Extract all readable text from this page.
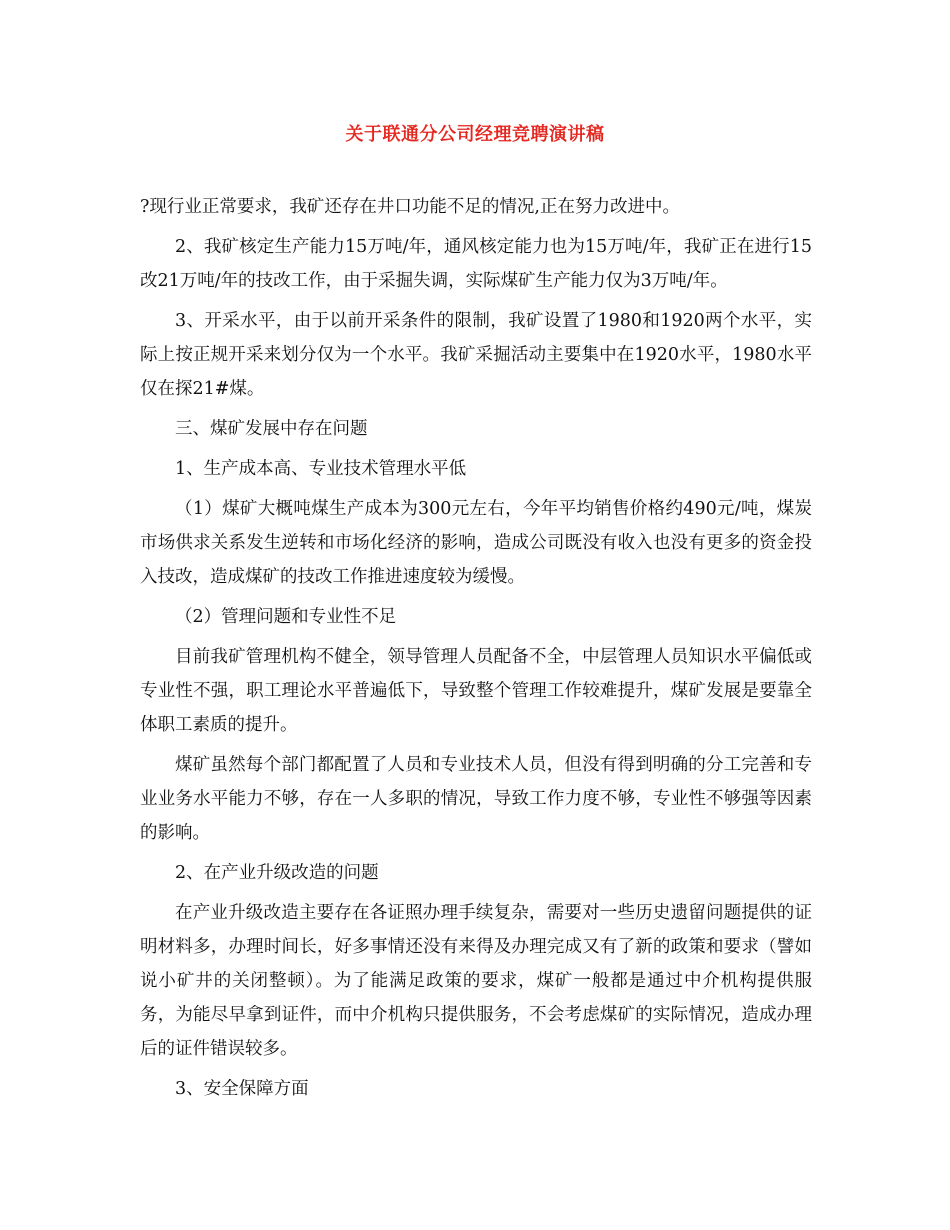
关于联通分公司经理竞聘演讲稿

?现行业正常要求，我矿还存在井口功能不足的情况,正在努力改进中。

2、我矿核定生产能力15万吨/年，通风核定能力也为15万吨/年，我矿正在进行15改21万吨/年的技改工作，由于采掘失调，实际煤矿生产能力仅为3万吨/年。

3、开采水平，由于以前开采条件的限制，我矿设置了1980和1920两个水平，实际上按正规开采来划分仅为一个水平。我矿采掘活动主要集中在1920水平，1980水平仅在探21#煤。

三、煤矿发展中存在问题

1、生产成本高、专业技术管理水平低

（1）煤矿大概吨煤生产成本为300元左右，今年平均销售价格约490元/吨，煤炭市场供求关系发生逆转和市场化经济的影响，造成公司既没有收入也没有更多的资金投入技改，造成煤矿的技改工作推进速度较为缓慢。

（2）管理问题和专业性不足

目前我矿管理机构不健全，领导管理人员配备不全，中层管理人员知识水平偏低或专业性不强，职工理论水平普遍低下，导致整个管理工作较难提升，煤矿发展是要靠全体职工素质的提升。

煤矿虽然每个部门都配置了人员和专业技术人员，但没有得到明确的分工完善和专业业务水平能力不够，存在一人多职的情况，导致工作力度不够，专业性不够强等因素的影响。

2、在产业升级改造的问题

在产业升级改造主要存在各证照办理手续复杂，需要对一些历史遗留问题提供的证明材料多，办理时间长，好多事情还没有来得及办理完成又有了新的政策和要求（譬如说小矿井的关闭整顿）。为了能满足政策的要求，煤矿一般都是通过中介机构提供服务，为能尽早拿到证件，而中介机构只提供服务，不会考虑煤矿的实际情况，造成办理后的证件错误较多。

3、安全保障方面
